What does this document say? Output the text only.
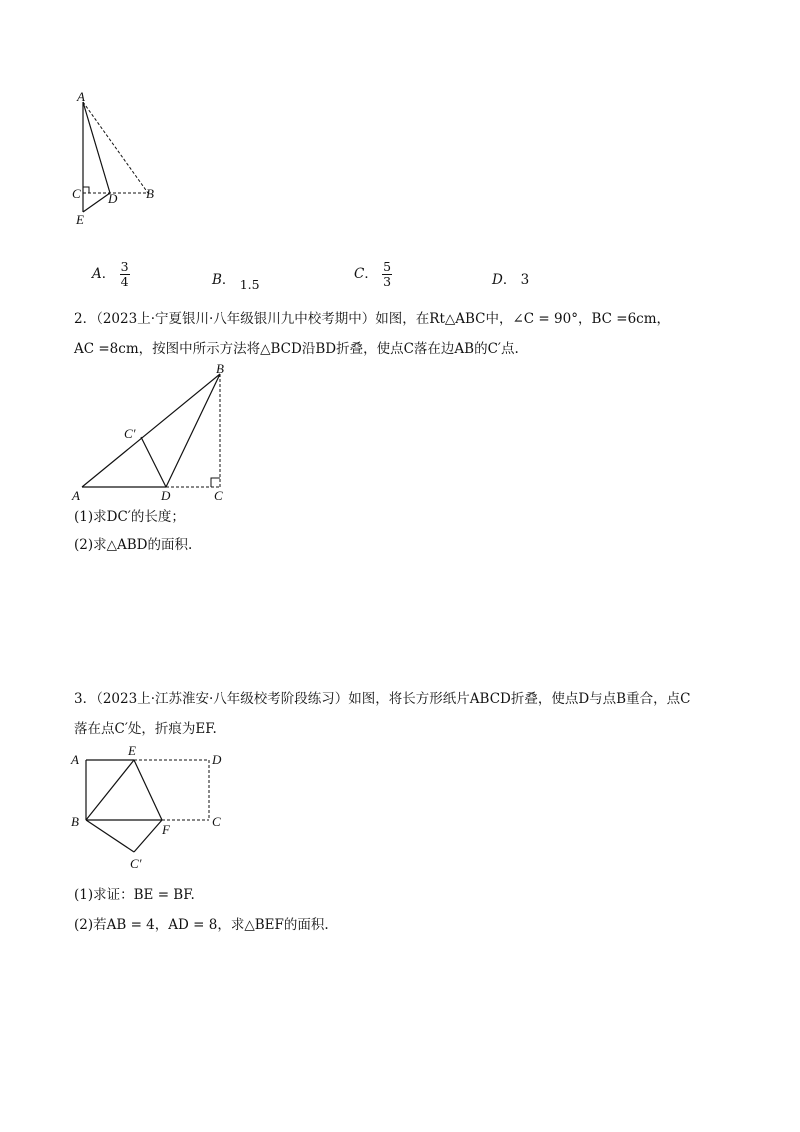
A
C D B
E
A． $\frac{3}{4}$	B． 1.5
C． $\frac{5}{3}$	D． 3
2．（2023上·宁夏银川·八年级银川九中校考期中）如图，在Rt△ABC中，∠C = 90°，BC =6cm，
AC =8cm，按图中所示方法将△BCD沿BD折叠，使点C落在边AB的C′点.
A
B
C
D
C′
(1)求DC′的长度；
(2)求△ABD的面积.
3．（2023上·江苏淮安·八年级校考阶段练习）如图，将长方形纸片ABCD折叠，使点D与点B重合，点C
落在点C′处，折痕为EF.
A
E
D
B
F
C
C′
(1)求证：BE = BF.
(2)若AB = 4，AD = 8，求△BEF的面积.
